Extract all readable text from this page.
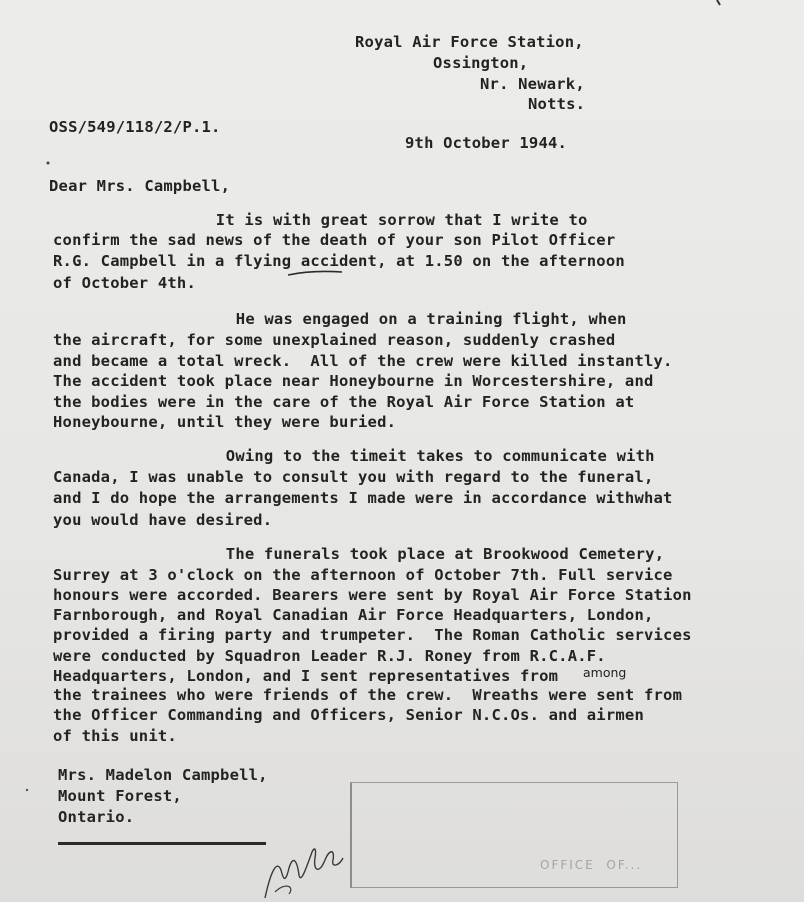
Royal Air Force Station,
Ossington,
Nr. Newark,
Notts.
OSS/549/118/2/P.1.
9th October 1944.
Dear Mrs. Campbell,
It is with great sorrow that I write to
confirm the sad news of the death of your son Pilot Officer
R.G. Campbell in a flying accident, at 1.50 on the afternoon
of October 4th.
He was engaged on a training flight, when
the aircraft, for some unexplained reason, suddenly crashed
and became a total wreck.  All of the crew were killed instantly.
The accident took place near Honeybourne in Worcestershire, and
the bodies were in the care of the Royal Air Force Station at
Honeybourne, until they were buried.
Owing to the timeit takes to communicate with
Canada, I was unable to consult you with regard to the funeral,
and I do hope the arrangements I made were in accordance withwhat
you would have desired.
The funerals took place at Brookwood Cemetery,
Surrey at 3 o'clock on the afternoon of October 7th. Full service
honours were accorded. Bearers were sent by Royal Air Force Station
Farnborough, and Royal Canadian Air Force Headquarters, London,
provided a firing party and trumpeter.  The Roman Catholic services
were conducted by Squadron Leader R.J. Roney from R.C.A.F.
Headquarters, London, and I sent representatives from
the trainees who were friends of the crew.  Wreaths were sent from
the Officer Commanding and Officers, Senior N.C.Os. and airmen
of this unit.
among
Mrs. Madelon Campbell,
Mount Forest,
Ontario.
OFFICE  OF...
